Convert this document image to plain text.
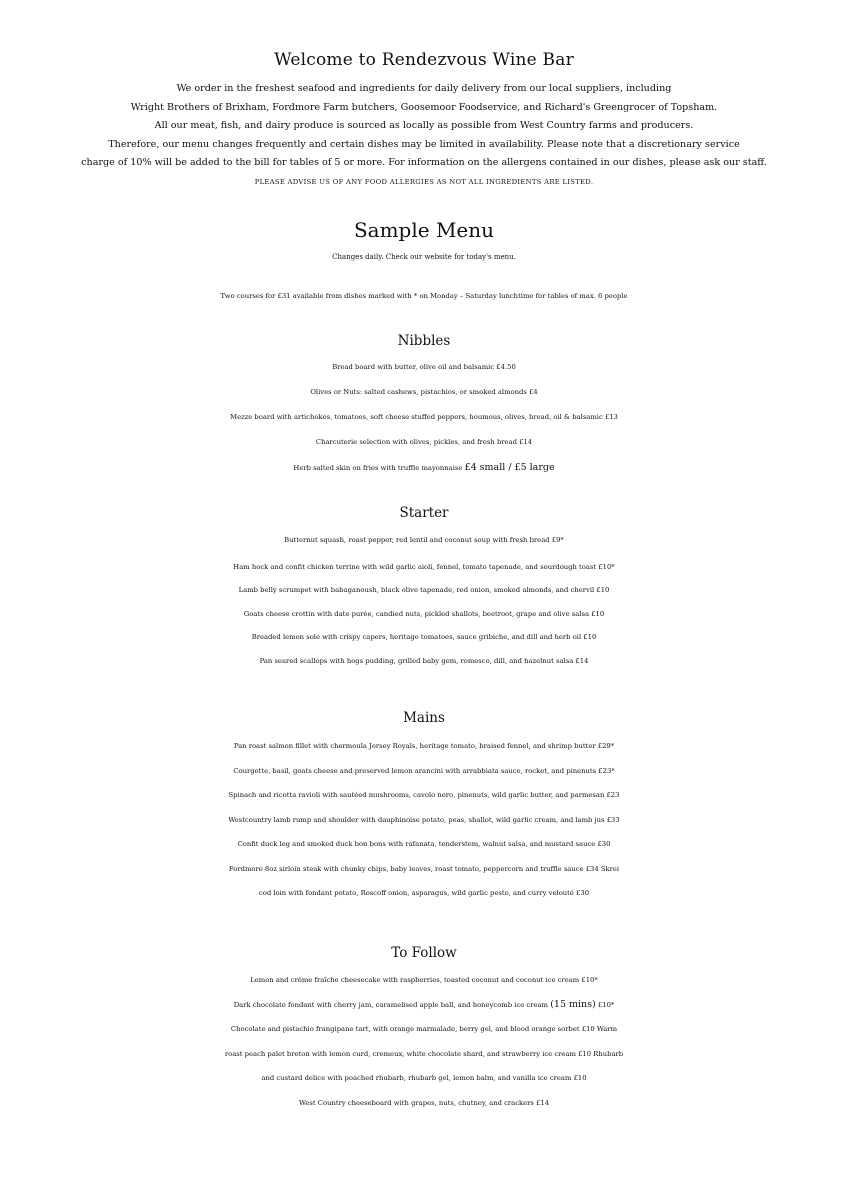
Welcome to Rendezvous Wine Bar
We order in the freshest seafood and ingredients for daily delivery from our local suppliers, including
Wright Brothers of Brixham, Fordmore Farm butchers, Goosemoor Foodservice, and Richard's Greengrocer of Topsham.
All our meat, fish, and dairy produce is sourced as locally as possible from West Country farms and producers.
Therefore, our menu changes frequently and certain dishes may be limited in availability. Please note that a discretionary service
charge of 10% will be added to the bill for tables of 5 or more. For information on the allergens contained in our dishes, please ask our staff.
PLEASE ADVISE US OF ANY FOOD ALLERGIES AS NOT ALL INGREDIENTS ARE LISTED.
Sample Menu
Changes daily. Check our website for today's menu.
Two courses for £31 available from dishes marked with * on Monday – Saturday lunchtime for tables of max. 6 people
Nibbles
Bread board with butter, olive oil and balsamic £4.50
Olives or Nuts: salted cashews, pistachios, or smoked almonds £4
Mezze board with artichokes, tomatoes, soft cheese stuffed peppers, houmous, olives, bread, oil & balsamic £13
Charcuterie selection with olives, pickles, and fresh bread £14
Herb salted skin on fries with truffle mayonnaise £4 small / £5 large
Starter
Butternut squash, roast pepper, red lentil and coconut soup with fresh bread £9*
Ham hock and confit chicken terrine with wild garlic aioli, fennel, tomato tapenade, and sourdough toast £10*
Lamb belly scrumpet with babaganoush, black olive tapenade, red onion, smoked almonds, and chervil £10
Goats cheese crottin with date purée, candied nuts, pickled shallots, beetroot, grape and olive salsa £10
Breaded lemon sole with crispy capers, heritage tomatoes, sauce gribiche, and dill and herb oil £10
Pan seared scallops with hogs pudding, grilled baby gem, romesco, dill, and hazelnut salsa £14
Mains
Pan roast salmon fillet with chermoula Jersey Royals, heritage tomato, braised fennel, and shrimp butter £29*
Courgette, basil, goats cheese and preserved lemon arancini with arrabbiata sauce, rocket, and pinenuts £23*
Spinach and ricotta ravioli with sautéed mushrooms, cavolo nero, pinenuts, wild garlic butter, and parmesan £23
Westcountry lamb rump and shoulder with dauphinoise potato, peas, shallot, wild garlic cream, and lamb jus £33
Confit duck leg and smoked duck bon bons with rafanata, tenderstem, walnut salsa, and mustard sauce £30
Fordmore 8oz sirloin steak with chunky chips, baby leaves, roast tomato, peppercorn and truffle sauce £34 Skrei
cod loin with fondant potato, Roscoff onion, asparagus, wild garlic pesto, and curry velouté £30
To Follow
Lemon and crème fraîche cheesecake with raspberries, toasted coconut and coconut ice cream £10*
Dark chocolate fondant with cherry jam, caramelised apple ball, and honeycomb ice cream (15 mins) £10*
Chocolate and pistachio frangipane tart, with orange marmalade, berry gel, and blood orange sorbet £10 Warm
roast peach palet breton with lemon curd, cremeux, white chocolate shard, and strawberry ice cream £10 Rhubarb
and custard delice with poached rhubarb, rhubarb gel, lemon balm, and vanilla ice cream £10
West Country cheeseboard with grapes, nuts, chutney, and crackers £14
